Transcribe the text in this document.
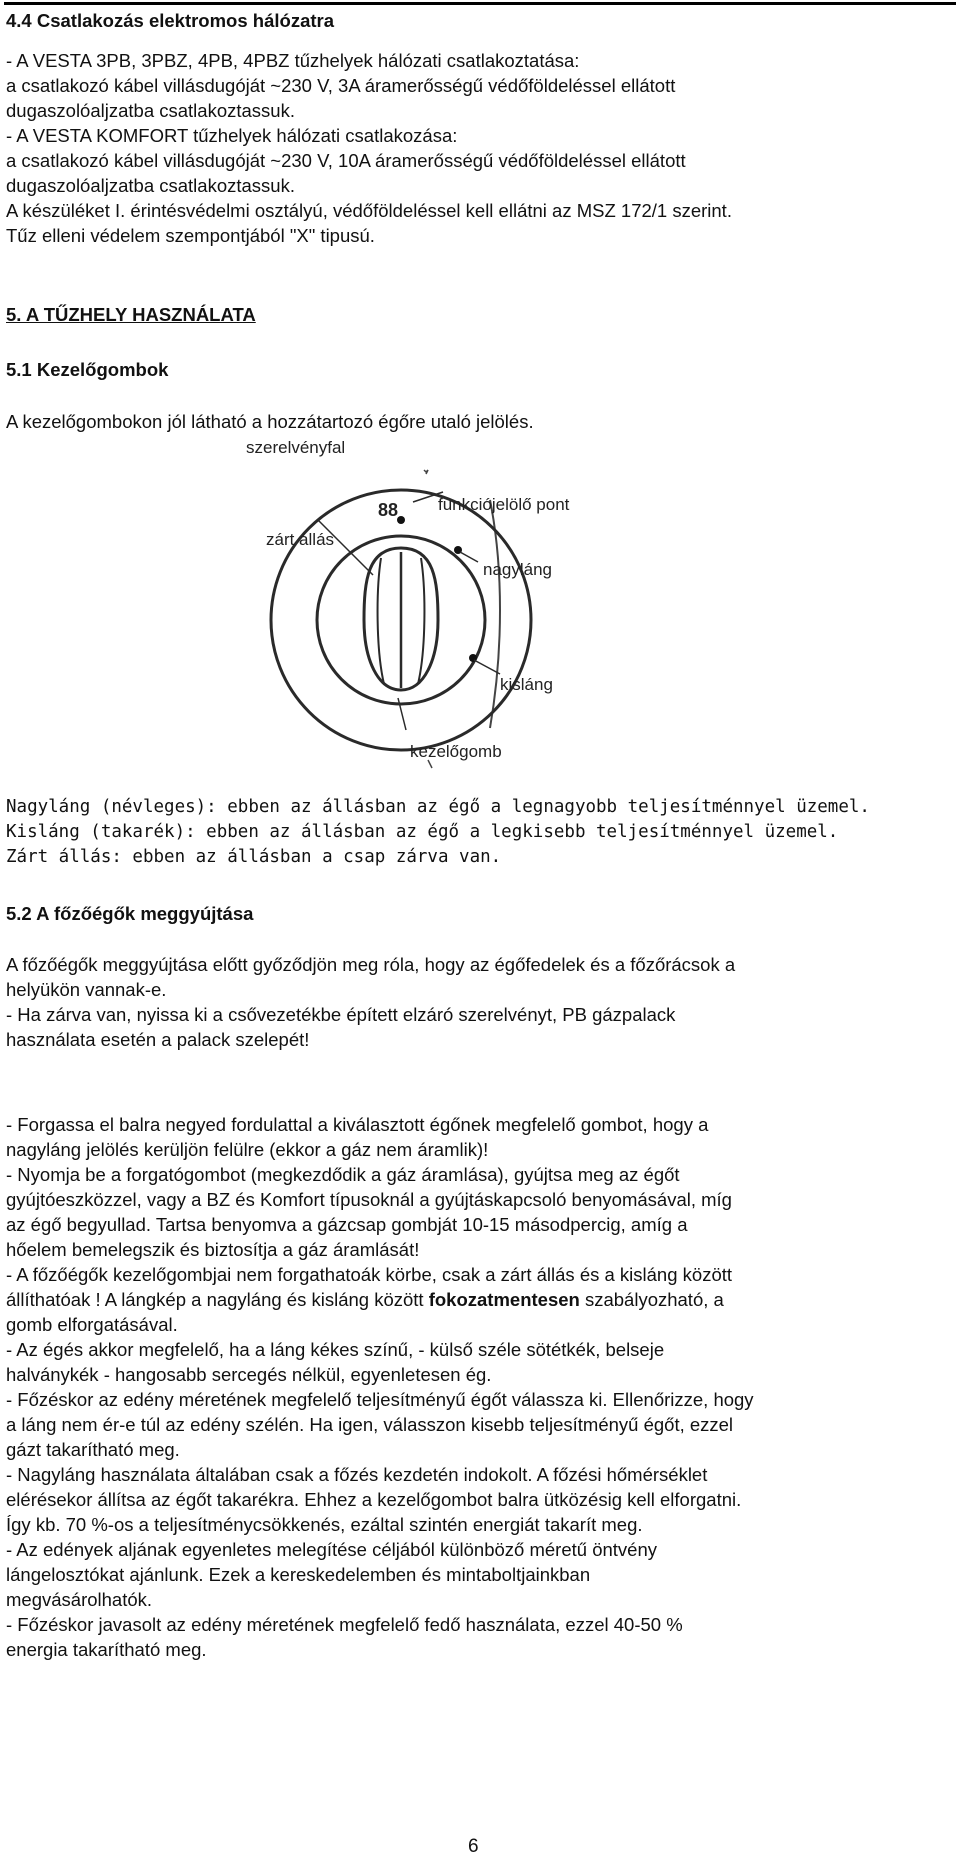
4.4 Csatlakozás elektromos hálózatra

- A VESTA 3PB, 3PBZ, 4PB, 4PBZ tűzhelyek hálózati csatlakoztatása:

a csatlakozó kábel villásdugóját ~230 V, 3A áramerősségű védőföldeléssel ellátott

dugaszolóaljzatba csatlakoztassuk.

- A VESTA KOMFORT tűzhelyek hálózati csatlakozása:

a csatlakozó kábel villásdugóját ~230 V, 10A áramerősségű védőföldeléssel ellátott

dugaszolóaljzatba csatlakoztassuk.

A készüléket I. érintésvédelmi osztályú, védőföldeléssel kell ellátni az MSZ 172/1 szerint.

Tűz elleni védelem szempontjából "X" tipusú.

5. A TŰZHELY HASZNÁLATA
5.1 Kezelőgombok

A kezelőgombokon jól látható a hozzátartozó égőre utaló jelölés.

szerelvényfal
88 funkciójelölő pont
zárt állás
nagyláng
kisláng
kezelőgomb

Nagyláng (névleges): ebben az állásban az égő a legnagyobb teljesítménnyel üzemel.

Kisláng (takarék): ebben az állásban az égő a legkisebb teljesítménnyel üzemel.

Zárt állás: ebben az állásban a csap zárva van.

5.2 A főzőégők meggyújtása

A főzőégők meggyújtása előtt győződjön meg róla, hogy az égőfedelek és a főzőrácsok a

helyükön vannak-e.

- Ha zárva van, nyissa ki a csővezetékbe épített elzáró szerelvényt, PB gázpalack

használata esetén a palack szelepét!

- Forgassa el balra negyed fordulattal a kiválasztott égőnek megfelelő gombot, hogy a

nagyláng jelölés kerüljön felülre (ekkor a gáz nem áramlik)!

- Nyomja be a forgatógombot (megkezdődik a gáz áramlása), gyújtsa meg az égőt

gyújtóeszközzel, vagy a BZ és Komfort típusoknál a gyújtáskapcsoló benyomásával, míg

az égő begyullad. Tartsa benyomva a gázcsap gombját 10-15 másodpercig, amíg a

hőelem bemelegszik és biztosítja a gáz áramlását!

- A főzőégők kezelőgombjai nem forgathatoák körbe, csak a zárt állás és a kisláng között

állíthatóak ! A lángkép a nagyláng és kisláng között fokozatmentesen szabályozható, a

gomb elforgatásával.

- Az égés akkor megfelelő, ha a láng kékes színű, - külső széle sötétkék, belseje

halványkék - hangosabb sercegés nélkül, egyenletesen ég.

- Főzéskor az edény méretének megfelelő teljesítményű égőt válassza ki. Ellenőrizze, hogy

a láng nem ér-e túl az edény szélén. Ha igen, válasszon kisebb teljesítményű égőt, ezzel

gázt takarítható meg.

- Nagyláng használata általában csak a főzés kezdetén indokolt. A főzési hőmérséklet

elérésekor állítsa az égőt takarékra. Ehhez a kezelőgombot balra ütközésig kell elforgatni.

Így kb. 70 %-os a teljesítménycsökkenés, ezáltal szintén energiát takarít meg.

- Az edények aljának egyenletes melegítése céljából különböző méretű öntvény

lángelosztókat ajánlunk. Ezek a kereskedelemben és mintaboltjainkban

megvásárolhatók.

- Főzéskor javasolt az edény méretének megfelelő fedő használata, ezzel 40-50 %

energia takarítható meg.

6
